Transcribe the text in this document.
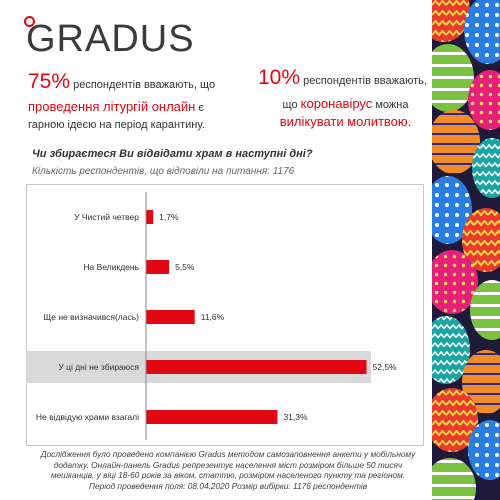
GRADUS
75% респондентів вважають, що
проведення літургій онлайн є
гарною ідеєю на період карантину.
10% респондентів вважають,
що коронавірус можна
вилікувати молитвою.
Чи збираєтеся Ви відвідати храм в наступні дні?
Кількість респондентів, що відповіли на питання: 1176
У Чистий четвер 1,7%
На Великдень	5,5%
Ще не визначився(лась)	11,6%
У ці дні не збираюся	52,5%
Не відвідую храми взагалі	31,3%
Дослідження було проведено компанією Gradus методом самозаповнення анкети у мобільному
додатку. Онлайн-панель Gradus репрезентує населення міст розміром більше 50 тисяч
мешканців, у віці 18-60 років за віком, статтю, розміром населеного пункту та регіоном.
Період проведення поля: 08.04.2020 Розмір вибірки: 1176 респондентів
